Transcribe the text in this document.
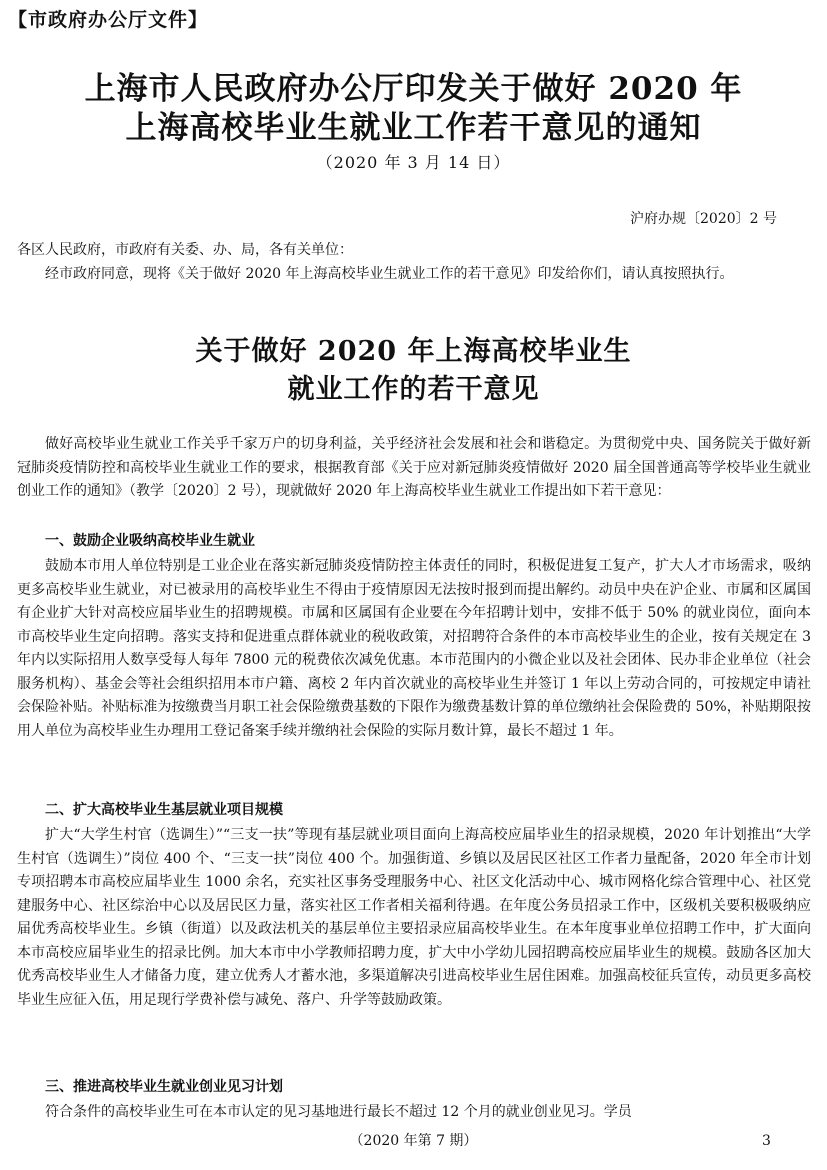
【市政府办公厅文件】
上海市人民政府办公厅印发关于做好 2020 年
上海高校毕业生就业工作若干意见的通知
（2020 年 3 月 14 日）
沪府办规〔2020〕2 号

各区人民政府，市政府有关委、办、局，各有关单位：

经市政府同意，现将《关于做好 2020 年上海高校毕业生就业工作的若干意见》印发给你们，请认真按照执行。

关于做好 2020 年上海高校毕业生
就业工作的若干意见

做好高校毕业生就业工作关乎千家万户的切身利益，关乎经济社会发展和社会和谐稳定。为贯彻党中央、国务院关于做好新冠肺炎疫情防控和高校毕业生就业工作的要求，根据教育部《关于应对新冠肺炎疫情做好 2020 届全国普通高等学校毕业生就业创业工作的通知》（教学〔2020〕2 号），现就做好 2020 年上海高校毕业生就业工作提出如下若干意见：

一、鼓励企业吸纳高校毕业生就业

鼓励本市用人单位特别是工业企业在落实新冠肺炎疫情防控主体责任的同时，积极促进复工复产，扩大人才市场需求，吸纳更多高校毕业生就业，对已被录用的高校毕业生不得由于疫情原因无法按时报到而提出解约。动员中央在沪企业、市属和区属国有企业扩大针对高校应届毕业生的招聘规模。市属和区属国有企业要在今年招聘计划中，安排不低于 50% 的就业岗位，面向本市高校毕业生定向招聘。落实支持和促进重点群体就业的税收政策，对招聘符合条件的本市高校毕业生的企业，按有关规定在 3 年内以实际招用人数享受每人每年 7800 元的税费依次减免优惠。本市范围内的小微企业以及社会团体、民办非企业单位（社会服务机构）、基金会等社会组织招用本市户籍、离校 2 年内首次就业的高校毕业生并签订 1 年以上劳动合同的，可按规定申请社会保险补贴。补贴标准为按缴费当月职工社会保险缴费基数的下限作为缴费基数计算的单位缴纳社会保险费的 50%，补贴期限按用人单位为高校毕业生办理用工登记备案手续并缴纳社会保险的实际月数计算，最长不超过 1 年。

二、扩大高校毕业生基层就业项目规模

扩大“大学生村官（选调生）”“三支一扶”等现有基层就业项目面向上海高校应届毕业生的招录规模，2020 年计划推出“大学生村官（选调生）”岗位 400 个、“三支一扶”岗位 400 个。加强街道、乡镇以及居民区社区工作者力量配备，2020 年全市计划专项招聘本市高校应届毕业生 1000 余名，充实社区事务受理服务中心、社区文化活动中心、城市网格化综合管理中心、社区党建服务中心、社区综治中心以及居民区力量，落实社区工作者相关福利待遇。在年度公务员招录工作中，区级机关要积极吸纳应届优秀高校毕业生。乡镇（街道）以及政法机关的基层单位主要招录应届高校毕业生。在本年度事业单位招聘工作中，扩大面向本市高校应届毕业生的招录比例。加大本市中小学教师招聘力度，扩大中小学幼儿园招聘高校应届毕业生的规模。鼓励各区加大优秀高校毕业生人才储备力度，建立优秀人才蓄水池，多渠道解决引进高校毕业生居住困难。加强高校征兵宣传，动员更多高校毕业生应征入伍，用足现行学费补偿与减免、落户、升学等鼓励政策。

三、推进高校毕业生就业创业见习计划

符合条件的高校毕业生可在本市认定的见习基地进行最长不超过 12 个月的就业创业见习。学员

（2020 年第 7 期）	3
